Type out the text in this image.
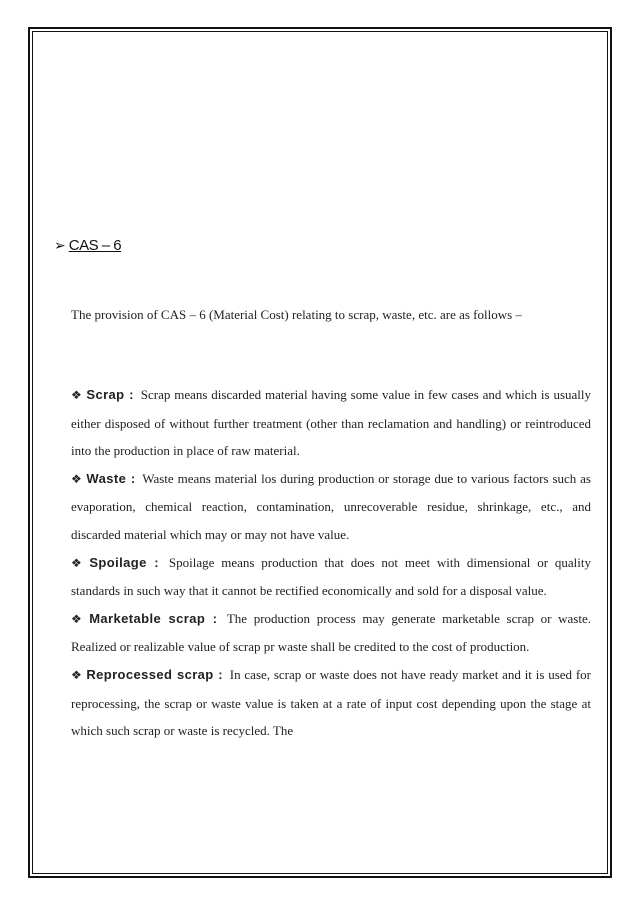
➢ CAS – 6

The provision of CAS – 6 (Material Cost) relating to scrap, waste, etc. are as follows –

❖ Scrap : Scrap means discarded material having some value in few cases and which is usually either disposed of without further treatment (other than reclamation and handling) or reintroduced into the production in place of raw material.

❖ Waste : Waste means material los during production or storage due to various factors such as evaporation, chemical reaction, contamination, unrecoverable residue, shrinkage, etc., and discarded material which may or may not have value.

❖ Spoilage : Spoilage means production that does not meet with dimensional or quality standards in such way that it cannot be rectified economically and sold for a disposal value.

❖ Marketable scrap : The production process may generate marketable scrap or waste. Realized or realizable value of scrap pr waste shall be credited to the cost of production.

❖ Reprocessed scrap : In case, scrap or waste does not have ready market and it is used for reprocessing, the scrap or waste value is taken at a rate of input cost depending upon the stage at which such scrap or waste is recycled. The
